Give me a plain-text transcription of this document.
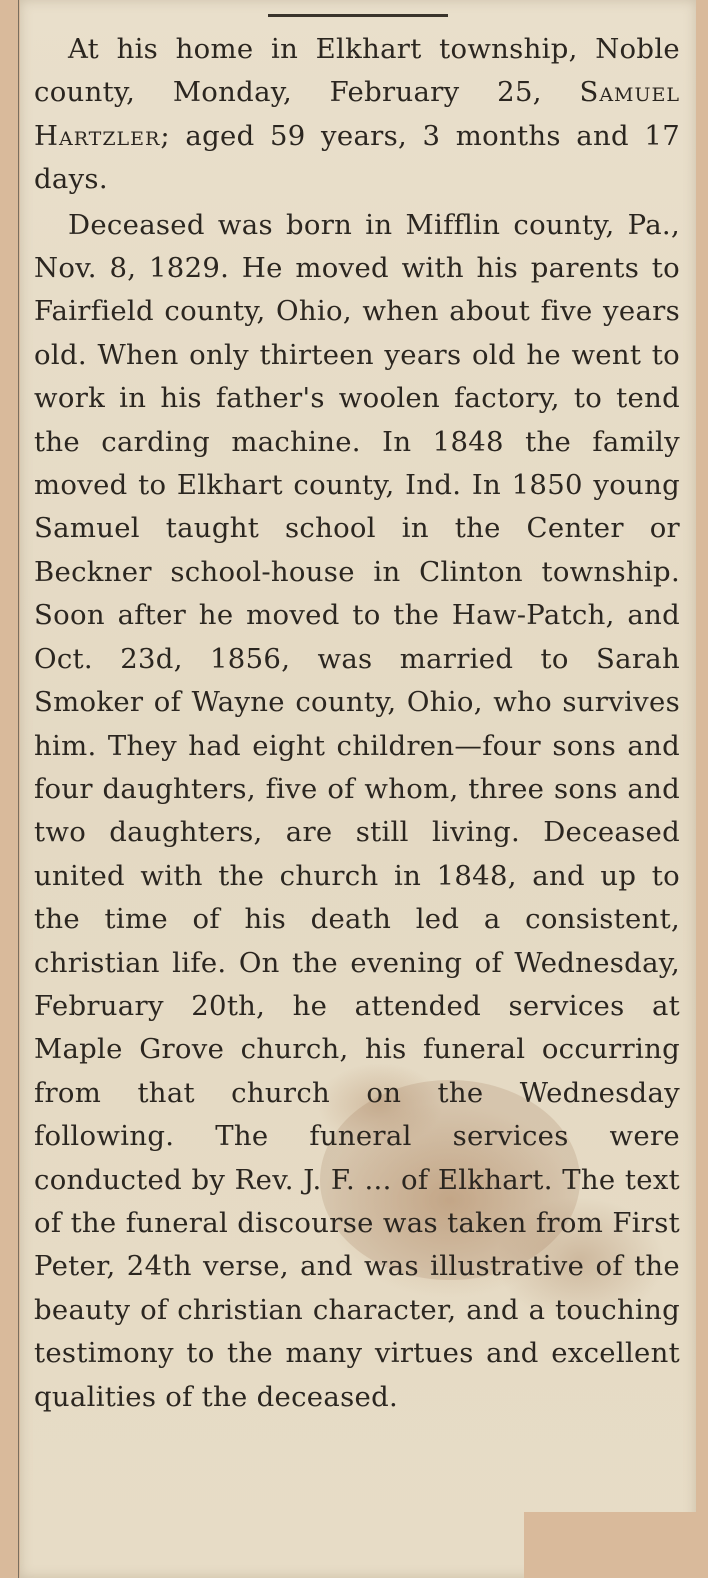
At his home in Elkhart township, Noble county, Monday, February 25, Samuel Hartzler; aged 59 years, 3 months and 17 days.

Deceased was born in Mifflin county, Pa., Nov. 8, 1829. He moved with his parents to Fairfield county, Ohio, when about five years old. When only thirteen years old he went to work in his father's woolen factory, to tend the carding machine. In 1848 the family moved to Elkhart county, Ind. In 1850 young Samuel taught school in the Center or Beckner school-house in Clinton township. Soon after he moved to the Haw-Patch, and Oct. 23d, 1856, was married to Sarah Smoker of Wayne county, Ohio, who survives him. They had eight children—four sons and four daughters, five of whom, three sons and two daughters, are still living. Deceased united with the church in 1848, and up to the time of his death led a consistent, christian life. On the evening of Wednesday, February 20th, he attended services at Maple Grove church, his funeral occurring from that church on the Wednesday following. The funeral services were conducted by Rev. J. F. ... of Elkhart. The text of the funeral discourse was taken from First Peter, 24th verse, and was illustrative of the beauty of christian character, and a touching testimony to the many virtues and excellent qualities of the deceased.
